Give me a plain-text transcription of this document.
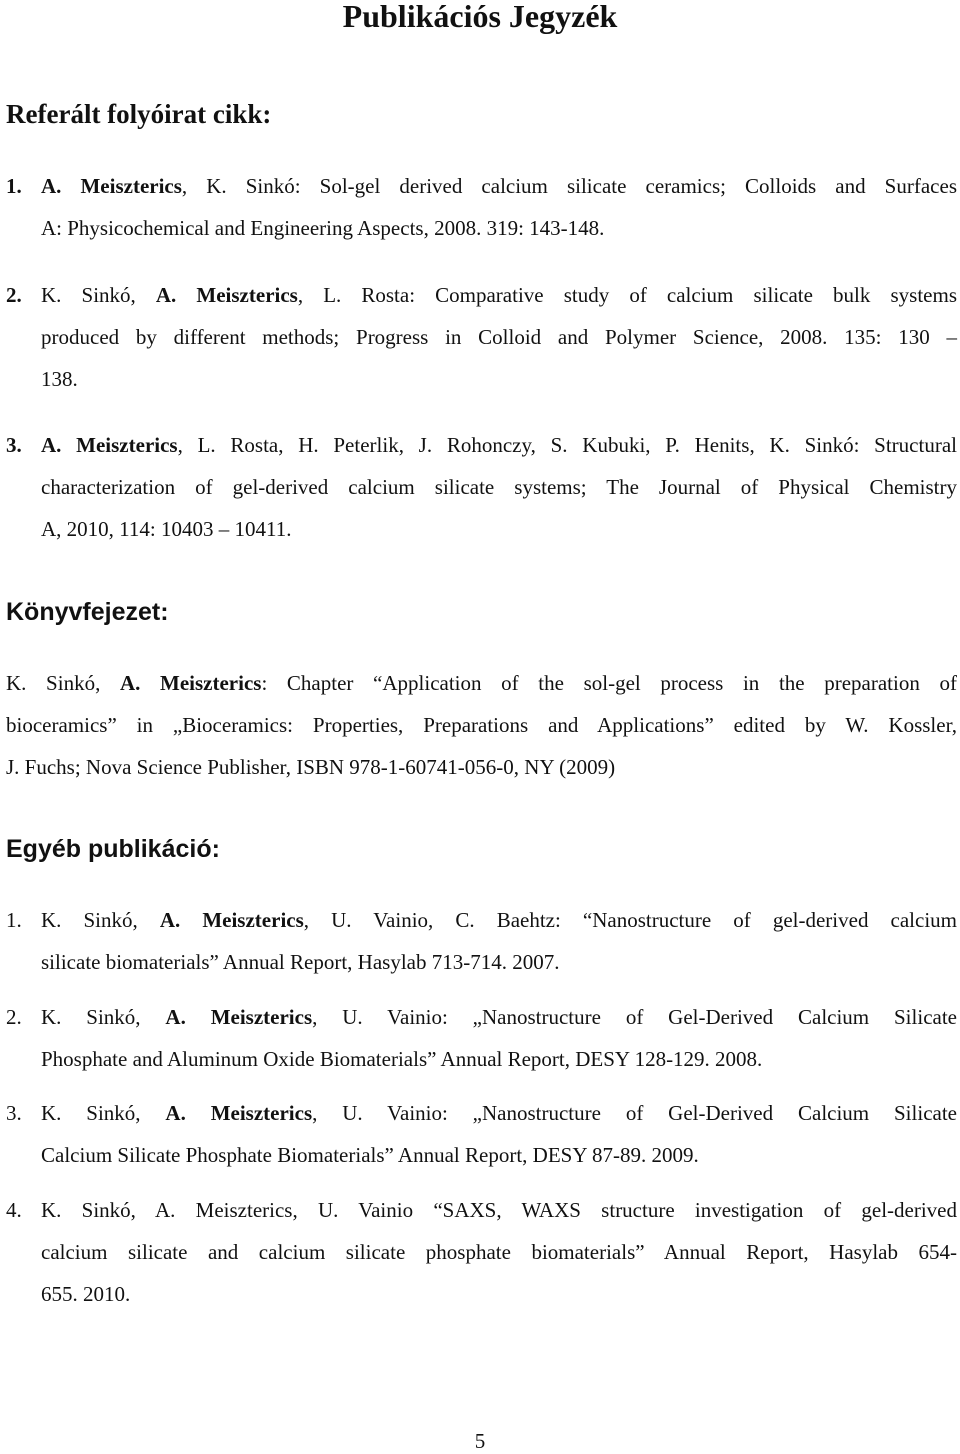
Publikációs Jegyzék
Referált folyóirat cikk:
1. A. Meiszterics, K. Sinkó: Sol-gel derived calcium silicate ceramics; Colloids and Surfaces
A: Physicochemical and Engineering Aspects, 2008. 319: 143-148.
2. K. Sinkó, A. Meiszterics, L. Rosta: Comparative study of calcium silicate bulk systems
produced by different methods; Progress in Colloid and Polymer Science, 2008. 135: 130 –
138.
3. A. Meiszterics, L. Rosta, H. Peterlik, J. Rohonczy, S. Kubuki, P. Henits, K. Sinkó: Structural
characterization of gel-derived calcium silicate systems; The Journal of Physical Chemistry
A, 2010, 114: 10403 – 10411.
Könyvfejezet:
K. Sinkó, A. Meiszterics: Chapter “Application of the sol-gel process in the preparation of
bioceramics” in „Bioceramics: Properties, Preparations and Applications” edited by W. Kossler,
J. Fuchs; Nova Science Publisher, ISBN 978-1-60741-056-0, NY (2009)
Egyéb publikáció:
1. K. Sinkó, A. Meiszterics, U. Vainio, C. Baehtz: “Nanostructure of gel-derived calcium
silicate biomaterials” Annual Report, Hasylab 713-714. 2007.
2. K. Sinkó, A. Meiszterics, U. Vainio: „Nanostructure of Gel-Derived Calcium Silicate
Phosphate and Aluminum Oxide Biomaterials” Annual Report, DESY 128-129. 2008.
3. K. Sinkó, A. Meiszterics, U. Vainio: „Nanostructure of Gel-Derived Calcium Silicate
Calcium Silicate Phosphate Biomaterials” Annual Report, DESY 87-89. 2009.
4. K. Sinkó, A. Meiszterics, U. Vainio “SAXS, WAXS structure investigation of gel-derived
calcium silicate and calcium silicate phosphate biomaterials” Annual Report, Hasylab 654-
655. 2010.
5
